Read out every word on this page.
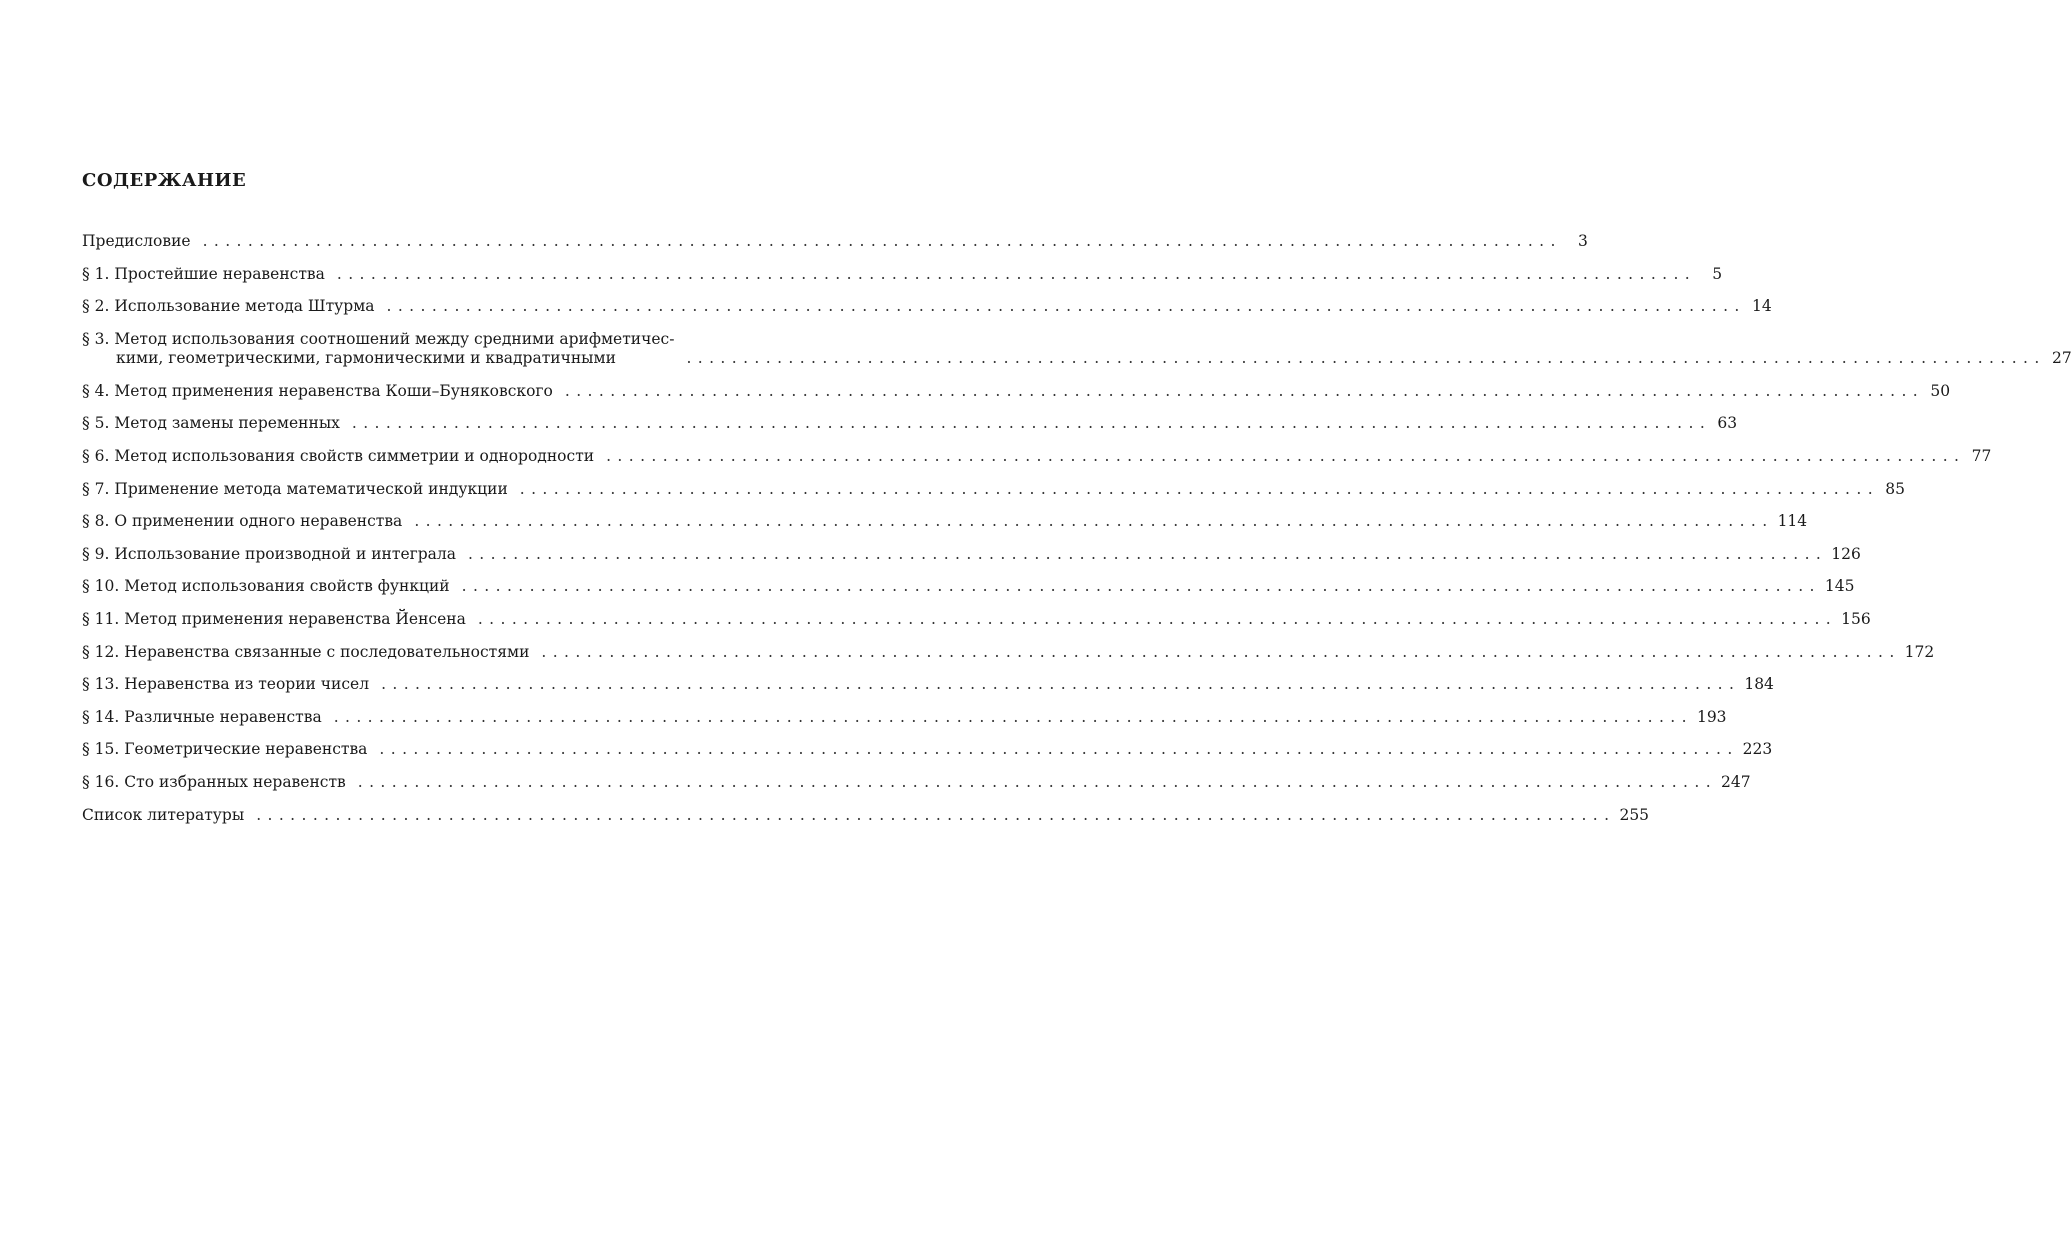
СОДЕРЖАНИЕ
Предисловие ........................................................................................................................	3
§ 1. Простейшие неравенства ........................................................................................................................	5
§ 2. Использование метода Штурма ........................................................................................................................ 14
§ 3. Метод использования соотношений между средними арифметичес-
кими, геометрическими, гармоническими и квадратичными	........................................................................................................................ 27
§ 4. Метод применения неравенства Коши–Буняковского ........................................................................................................................ 50
§ 5. Метод замены переменных ........................................................................................................................ 63
§ 6. Метод использования свойств симметрии и однородности ........................................................................................................................ 77
§ 7. Применение метода математической индукции ........................................................................................................................ 85
§ 8. О применении одного неравенства ........................................................................................................................ 114
§ 9. Использование производной и интеграла ........................................................................................................................ 126
§ 10. Метод использования свойств функций ........................................................................................................................ 145
§ 11. Метод применения неравенства Йенсена ........................................................................................................................ 156
§ 12. Неравенства связанные с последовательностями ........................................................................................................................ 172
§ 13. Неравенства из теории чисел ........................................................................................................................ 184
§ 14. Различные неравенства ........................................................................................................................ 193
§ 15. Геометрические неравенства ........................................................................................................................ 223
§ 16. Сто избранных неравенств ........................................................................................................................ 247
Список литературы ........................................................................................................................ 255
